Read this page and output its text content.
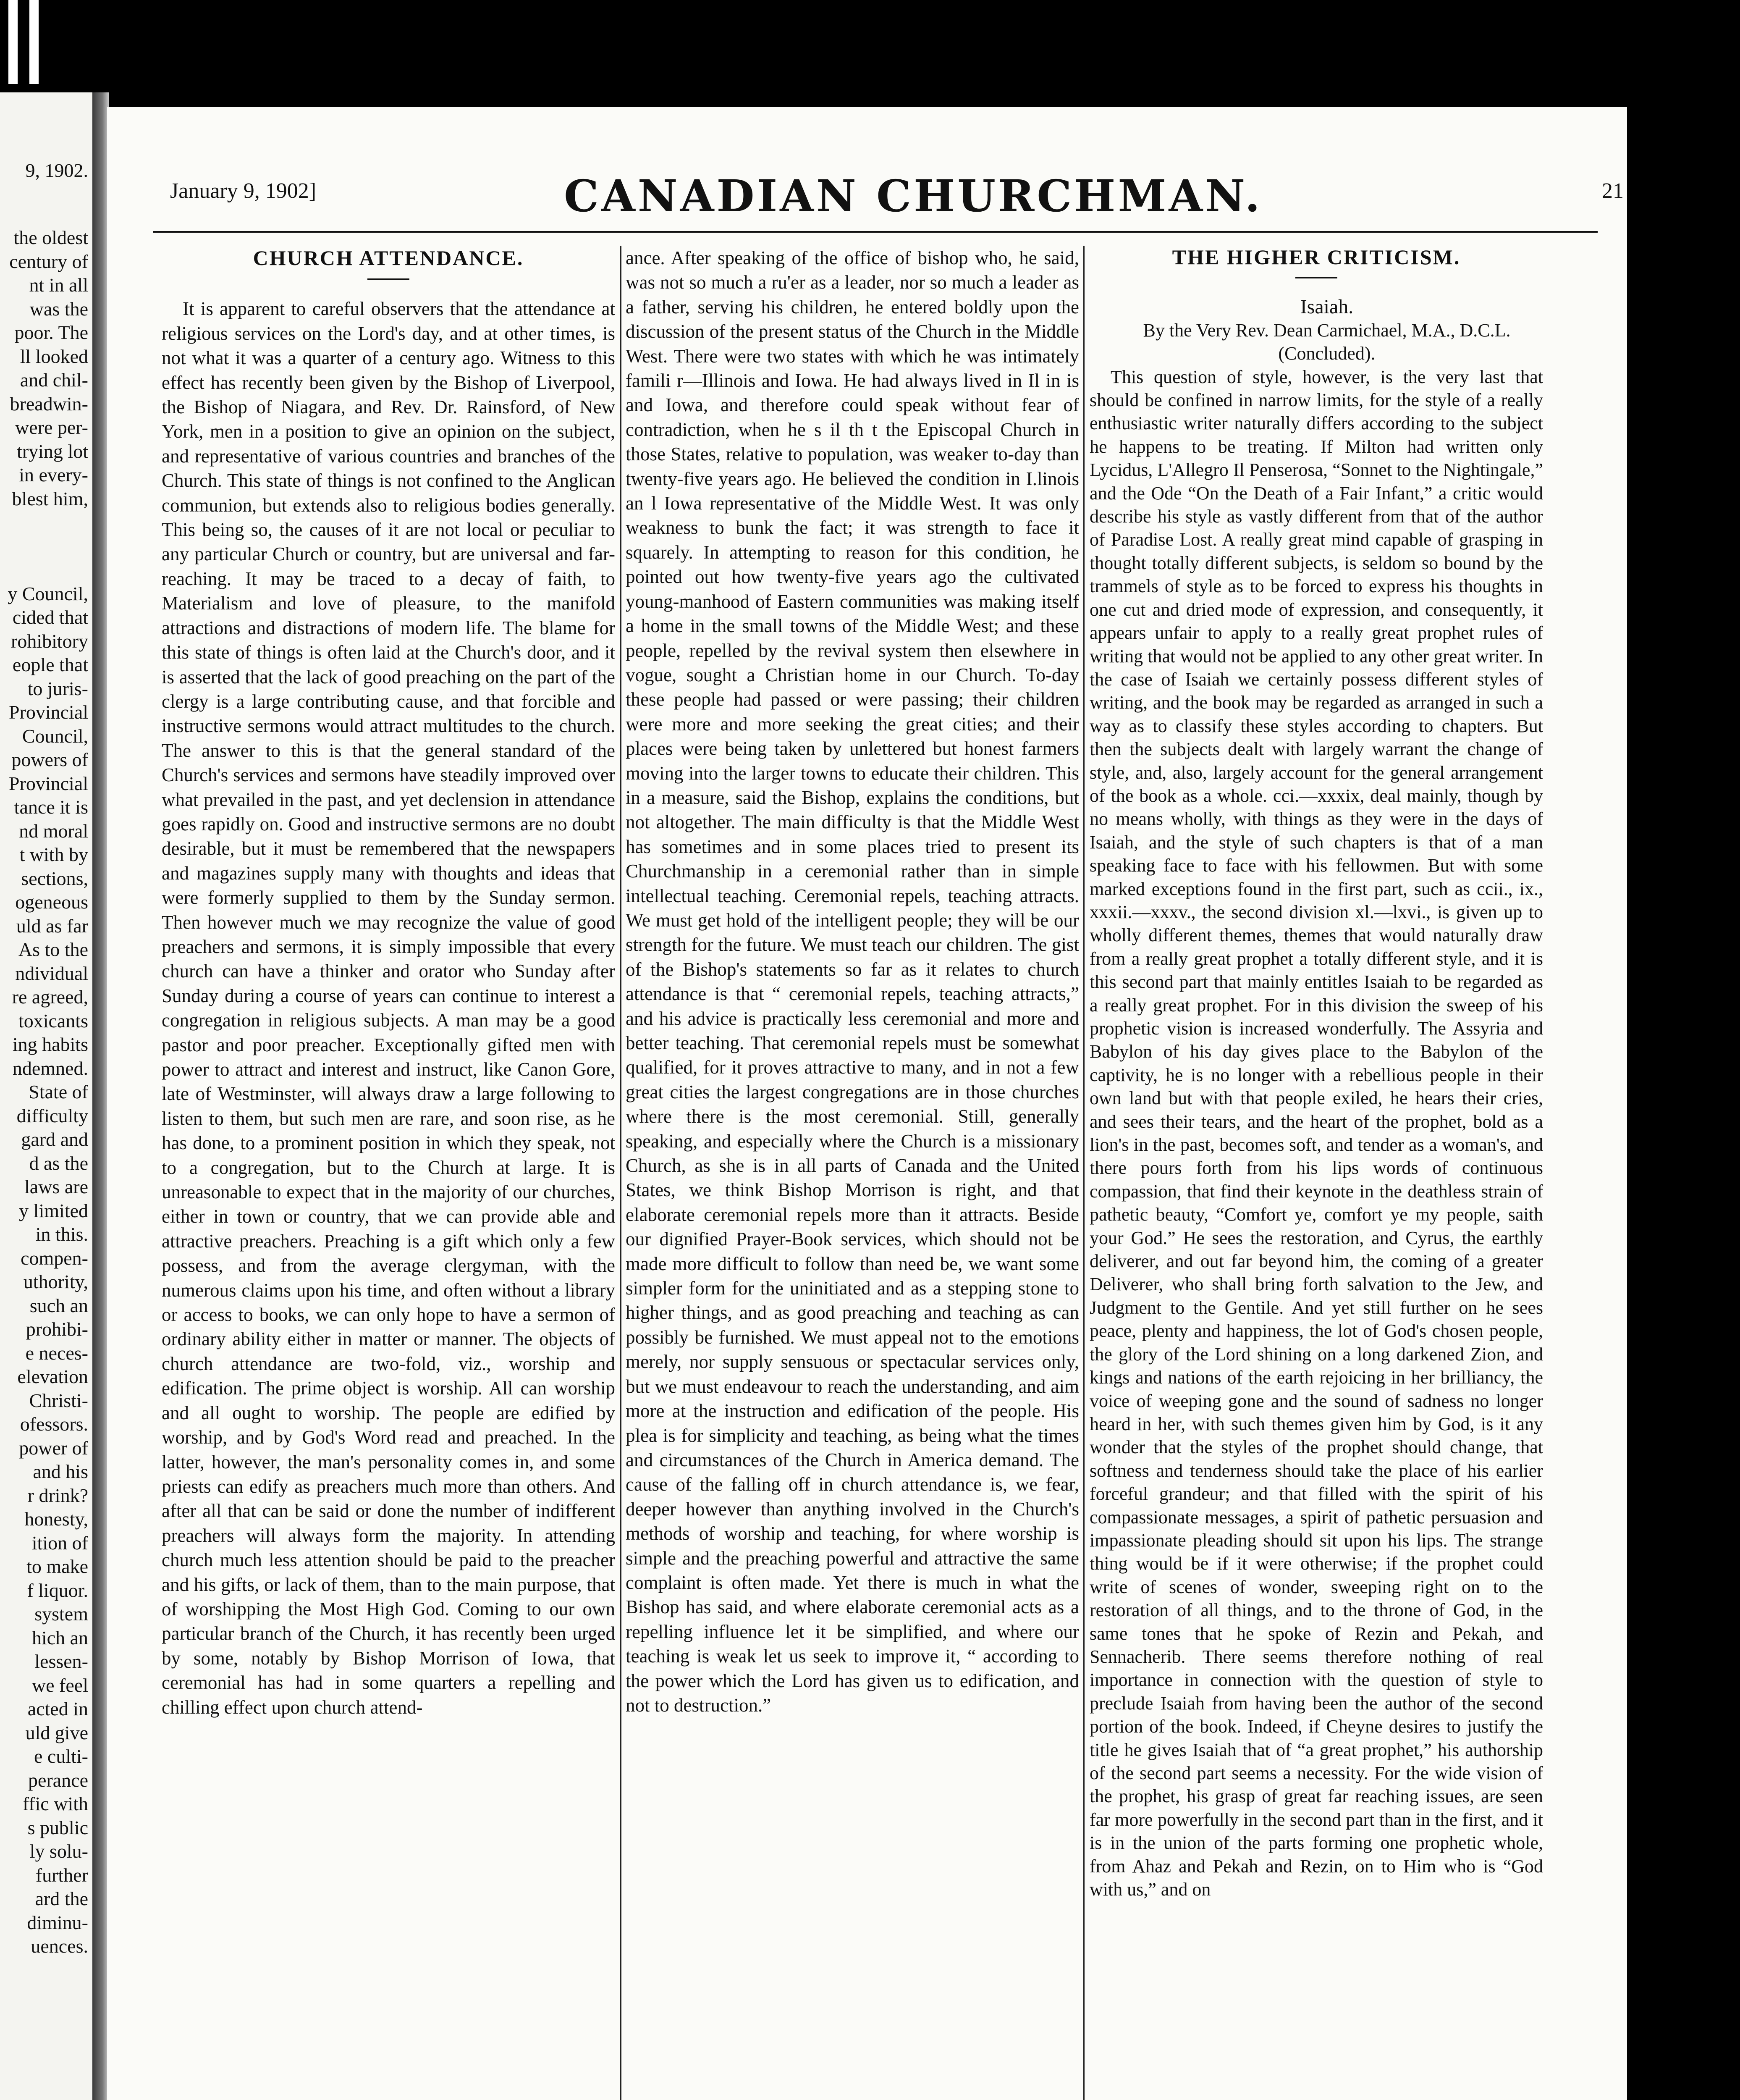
9, 1902.
the oldest
century of
nt in all
was the
poor. The
ll looked
and chil-
breadwin-
were per-
trying lot
in every-
blest him,
y Council,
cided that
rohibitory
eople that
to juris-
Provincial
Council,
powers of
Provincial
tance it is
nd moral
t with by
sections,
ogeneous
uld as far
As to the
ndividual
re agreed,
toxicants
ing habits
ndemned.
State of
difficulty
gard and
d as the
laws are
y limited
in this.
compen-
uthority,
such an
prohibi-
e neces-
elevation
Christi-
ofessors.
power of
and his
r drink?
honesty,
ition of
to make
f liquor.
system
hich an
lessen-
we feel
acted in
uld give
e culti-
perance
ffic with
s public
ly solu-
further
ard the
diminu-
uences.
January 9, 1902]	CANADIAN CHURCHMAN.	21
CHURCH ATTENDANCE.

It is apparent to careful observers that the attendance at religious services on the Lord's day, and at other times, is not what it was a quarter of a century ago. Witness to this effect has recently been given by the Bishop of Liverpool, the Bishop of Niagara, and Rev. Dr. Rainsford, of New York, men in a position to give an opinion on the subject, and representative of various countries and branches of the Church. This state of things is not confined to the Anglican communion, but extends also to religious bodies generally. This being so, the causes of it are not local or peculiar to any particular Church or country, but are universal and far-reaching. It may be traced to a decay of faith, to Materialism and love of pleasure, to the manifold attractions and distractions of modern life. The blame for this state of things is often laid at the Church's door, and it is asserted that the lack of good preaching on the part of the clergy is a large contributing cause, and that forcible and instructive sermons would attract multitudes to the church. The answer to this is that the general standard of the Church's services and sermons have steadily improved over what prevailed in the past, and yet declension in attendance goes rapidly on. Good and instructive sermons are no doubt desirable, but it must be remembered that the newspapers and magazines supply many with thoughts and ideas that were formerly supplied to them by the Sunday sermon. Then however much we may recognize the value of good preachers and sermons, it is simply impossible that every church can have a thinker and orator who Sunday after Sunday during a course of years can continue to interest a congregation in religious subjects. A man may be a good pastor and poor preacher. Exceptionally gifted men with power to attract and interest and instruct, like Canon Gore, late of Westminster, will always draw a large following to listen to them, but such men are rare, and soon rise, as he has done, to a prominent position in which they speak, not to a congregation, but to the Church at large. It is unreasonable to expect that in the majority of our churches, either in town or country, that we can provide able and attractive preachers. Preaching is a gift which only a few possess, and from the average clergyman, with the numerous claims upon his time, and often without a library or access to books, we can only hope to have a sermon of ordinary ability either in matter or manner. The objects of church attendance are two-fold, viz., worship and edification. The prime object is worship. All can worship and all ought to worship. The people are edified by worship, and by God's Word read and preached. In the latter, however, the man's personality comes in, and some priests can edify as preachers much more than others. And after all that can be said or done the number of indifferent preachers will always form the majority. In attending church much less attention should be paid to the preacher and his gifts, or lack of them, than to the main purpose, that of worshipping the Most High God. Coming to our own particular branch of the Church, it has recently been urged by some, notably by Bishop Morrison of Iowa, that ceremonial has had in some quarters a repelling and chilling effect upon church attend-

ance. After speaking of the office of bishop who, he said, was not so much a ru'er as a leader, nor so much a leader as a father, serving his children, he entered boldly upon the discussion of the present status of the Church in the Middle West. There were two states with which he was intimately famili r—Illinois and Iowa. He had always lived in Il in is and Iowa, and therefore could speak without fear of contradiction, when he s il th t the Episcopal Church in those States, relative to population, was weaker to-day than twenty-five years ago. He believed the condition in I.linois an l Iowa representative of the Middle West. It was only weakness to bunk the fact; it was strength to face it squarely. In attempting to reason for this condition, he pointed out how twenty-five years ago the cultivated young-manhood of Eastern communities was making itself a home in the small towns of the Middle West; and these people, repelled by the revival system then elsewhere in vogue, sought a Christian home in our Church. To-day these people had passed or were passing; their children were more and more seeking the great cities; and their places were being taken by unlettered but honest farmers moving into the larger towns to educate their children. This in a measure, said the Bishop, explains the conditions, but not altogether. The main difficulty is that the Middle West has sometimes and in some places tried to present its Churchmanship in a ceremonial rather than in simple intellectual teaching. Ceremonial repels, teaching attracts. We must get hold of the intelligent people; they will be our strength for the future. We must teach our children. The gist of the Bishop's statements so far as it relates to church attendance is that “ ceremonial repels, teaching attracts,” and his advice is practically less ceremonial and more and better teaching. That ceremonial repels must be somewhat qualified, for it proves attractive to many, and in not a few great cities the largest congregations are in those churches where there is the most ceremonial. Still, generally speaking, and especially where the Church is a missionary Church, as she is in all parts of Canada and the United States, we think Bishop Morrison is right, and that elaborate ceremonial repels more than it attracts. Beside our dignified Prayer-Book services, which should not be made more difficult to follow than need be, we want some simpler form for the uninitiated and as a stepping stone to higher things, and as good preaching and teaching as can possibly be furnished. We must appeal not to the emotions merely, nor supply sensuous or spectacular services only, but we must endeavour to reach the understanding, and aim more at the instruction and edification of the people. His plea is for simplicity and teaching, as being what the times and circumstances of the Church in America demand. The cause of the falling off in church attendance is, we fear, deeper however than anything involved in the Church's methods of worship and teaching, for where worship is simple and the preaching powerful and attractive the same complaint is often made. Yet there is much in what the Bishop has said, and where elaborate ceremonial acts as a repelling influence let it be simplified, and where our teaching is weak let us seek to improve it, “ according to the power which the Lord has given us to edification, and not to destruction.”

THE HIGHER CRITICISM.

Isaiah.

By the Very Rev. Dean Carmichael, M.A., D.C.L.

(Concluded).

This question of style, however, is the very last that should be confined in narrow limits, for the style of a really enthusiastic writer naturally differs according to the subject he happens to be treating. If Milton had written only Lycidus, L'Allegro Il Penserosa, “Sonnet to the Nightingale,” and the Ode “On the Death of a Fair Infant,” a critic would describe his style as vastly different from that of the author of Paradise Lost. A really great mind capable of grasping in thought totally different subjects, is seldom so bound by the trammels of style as to be forced to express his thoughts in one cut and dried mode of expression, and consequently, it appears unfair to apply to a really great prophet rules of writing that would not be applied to any other great writer. In the case of Isaiah we certainly possess different styles of writing, and the book may be regarded as arranged in such a way as to classify these styles according to chapters. But then the subjects dealt with largely warrant the change of style, and, also, largely account for the general arrangement of the book as a whole. cci.—xxxix, deal mainly, though by no means wholly, with things as they were in the days of Isaiah, and the style of such chapters is that of a man speaking face to face with his fellowmen. But with some marked exceptions found in the first part, such as ccii., ix., xxxii.—xxxv., the second division xl.—lxvi., is given up to wholly different themes, themes that would naturally draw from a really great prophet a totally different style, and it is this second part that mainly entitles Isaiah to be regarded as a really great prophet. For in this division the sweep of his prophetic vision is increased wonderfully. The Assyria and Babylon of his day gives place to the Babylon of the captivity, he is no longer with a rebellious people in their own land but with that people exiled, he hears their cries, and sees their tears, and the heart of the prophet, bold as a lion's in the past, becomes soft, and tender as a woman's, and there pours forth from his lips words of continuous compassion, that find their keynote in the deathless strain of pathetic beauty, “Comfort ye, comfort ye my people, saith your God.” He sees the restoration, and Cyrus, the earthly deliverer, and out far beyond him, the coming of a greater Deliverer, who shall bring forth salvation to the Jew, and Judgment to the Gentile. And yet still further on he sees peace, plenty and happiness, the lot of God's chosen people, the glory of the Lord shining on a long darkened Zion, and kings and nations of the earth rejoicing in her brilliancy, the voice of weeping gone and the sound of sadness no longer heard in her, with such themes given him by God, is it any wonder that the styles of the prophet should change, that softness and tenderness should take the place of his earlier forceful grandeur; and that filled with the spirit of his compassionate messages, a spirit of pathetic persuasion and impassionate pleading should sit upon his lips. The strange thing would be if it were otherwise; if the prophet could write of scenes of wonder, sweeping right on to the restoration of all things, and to the throne of God, in the same tones that he spoke of Rezin and Pekah, and Sennacherib. There seems therefore nothing of real importance in connection with the question of style to preclude Isaiah from having been the author of the second portion of the book. Indeed, if Cheyne desires to justify the title he gives Isaiah that of “a great prophet,” his authorship of the second part seems a necessity. For the wide vision of the prophet, his grasp of great far reaching issues, are seen far more powerfully in the second part than in the first, and it is in the union of the parts forming one prophetic whole, from Ahaz and Pekah and Rezin, on to Him who is “God with us,” and on
